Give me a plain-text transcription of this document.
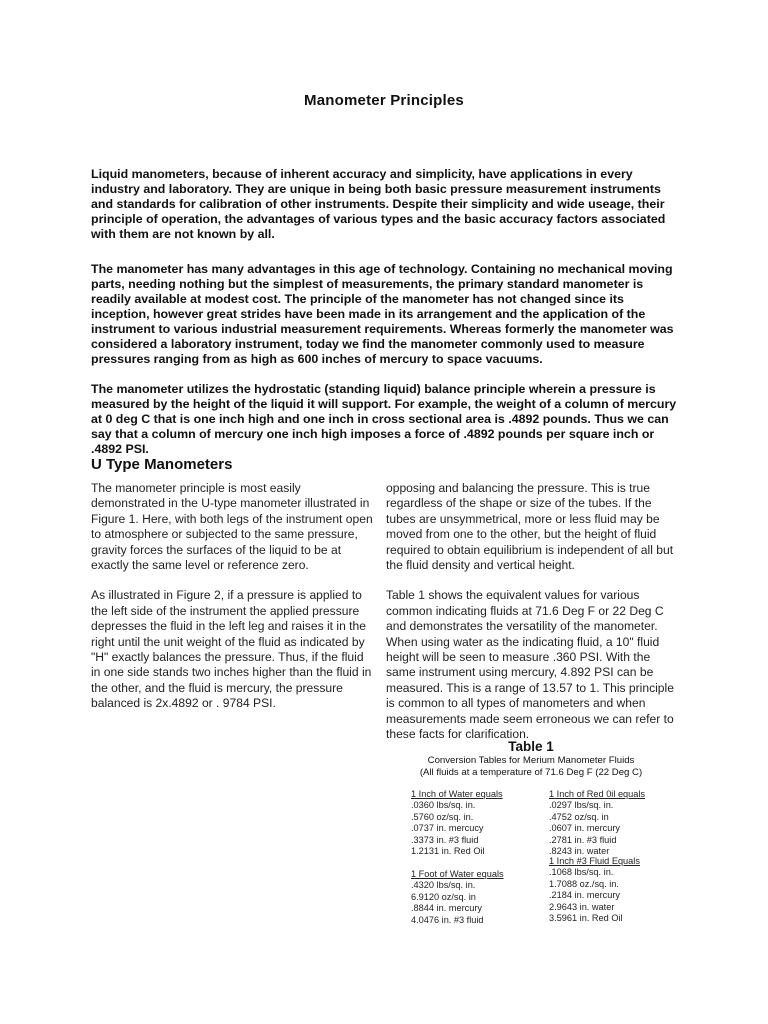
Manometer Principles

Liquid manometers, because of inherent accuracy and simplicity, have applications in every industry and laboratory. They are unique in being both basic pressure measurement instruments and standards for calibration of other instruments. Despite their simplicity and wide useage, their principle of operation, the advantages of various types and the basic accuracy factors associated with them are not known by all.

The manometer has many advantages in this age of technology. Containing no mechanical moving parts, needing nothing but the simplest of measurements, the primary standard manometer is readily available at modest cost. The principle of the manometer has not changed since its inception, however great strides have been made in its arrangement and the application of the instrument to various industrial measurement requirements. Whereas formerly the manometer was considered a laboratory instrument, today we find the manometer commonly used to measure pressures ranging from as high as 600 inches of mercury to space vacuums.

The manometer utilizes the hydrostatic (standing liquid) balance principle wherein a pressure is measured by the height of the liquid it will support. For example, the weight of a column of mercury at 0 deg C that is one inch high and one inch in cross sectional area is .4892 pounds. Thus we can say that a column of mercury one inch high imposes a force of .4892 pounds per square inch or .4892 PSI.

U Type Manometers

The manometer principle is most easily demonstrated in the U-type manometer illustrated in Figure 1. Here, with both legs of the instrument open to atmosphere or subjected to the same pressure, gravity forces the surfaces of the liquid to be at exactly the same level or reference zero.

As illustrated in Figure 2, if a pressure is applied to the left side of the instrument the applied pressure depresses the fluid in the left leg and raises it in the right until the unit weight of the fluid as indicated by "H" exactly balances the pressure. Thus, if the fluid in one side stands two inches higher than the fluid in the other, and the fluid is mercury, the pressure balanced is 2x.4892 or . 9784 PSI.

opposing and balancing the pressure. This is true regardless of the shape or size of the tubes. If the tubes are unsymmetrical, more or less fluid may be moved from one to the other, but the height of fluid required to obtain equilibrium is independent of all but the fluid density and vertical height.

Table 1 shows the equivalent values for various common indicating fluids at 71.6 Deg F or 22 Deg C and demonstrates the versatility of the manometer. When using water as the indicating fluid, a 10" fluid height will be seen to measure .360 PSI. With the same instrument using mercury, 4.892 PSI can be measured. This is a range of 13.57 to 1. This principle is common to all types of manometers and when measurements made seem erroneous we can refer to these facts for clarification.

Table 1
Conversion Tables for Merium Manometer Fluids
(All fluids at a temperature of 71.6 Deg F (22 Deg C)
1 Inch of Water equals
.0360 lbs/sq. in.
.5760 oz/sq. in.
.0737 in. mercucy
.3373 in. #3 fluid
1.2131 in. Red Oil
1 Foot of Water equals
.4320 lbs/sq. in.
6.9120 oz/sq. in
.8844 in. mercury
4.0476 in. #3 fluid
1 Inch of Red 0il equals
.0297 lbs/sq. in.
.4752 oz/sq. in
.0607 in. mercury
.2781 in. #3 fluid
.8243 in. water
1 Inch #3 Fluid Equals
.1068 lbs/sq. in.
1.7088 oz./sq. in.
.2184 in. mercury
2.9643 in. water
3.5961 in. Red Oil
